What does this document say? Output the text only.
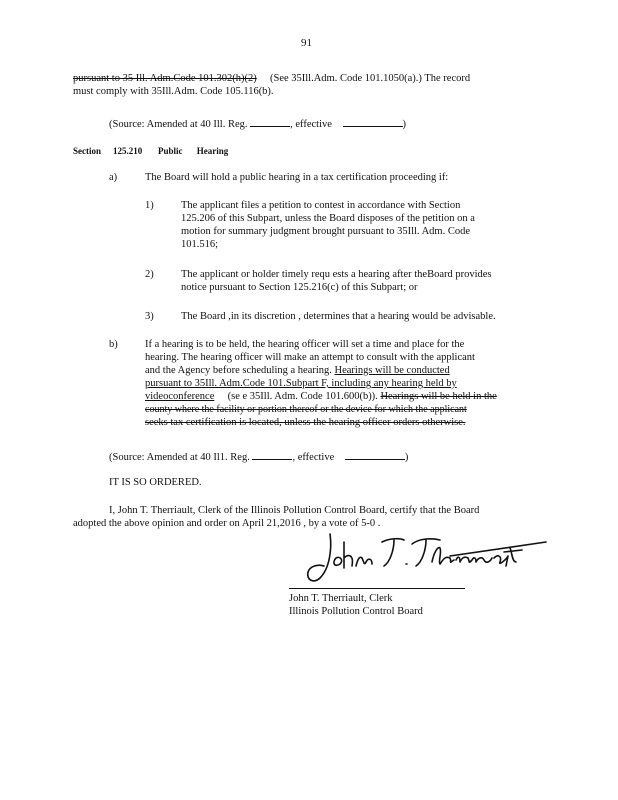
91
pursuant to 35 Ill. Adm.Code 101.302(h)(2) (See 35Ill.Adm. Code 101.1050(a).) The record
must comply with 35Ill.Adm. Code 105.116(b).
(Source: Amended at 40 Ill. Reg.	, effective	)
Section 125.210 Public Hearing
a)	The Board will hold a public hearing in a tax certification proceeding if:
1)	The applicant files a petition to contest in accordance with Section
125.206 of this Subpart, unless the Board disposes of the petition on a
motion for summary judgment brought pursuant to 35Ill. Adm. Code
101.516;
2)	The applicant or holder timely requ ests a hearing after theBoard provides
notice pursuant to Section 125.216(c) of this Subpart; or
3)	The Board ,in its discretion , determines that a hearing would be advisable.
b)	If a hearing is to be held, the hearing officer will set a time and place for the
hearing. The hearing officer will make an attempt to consult with the applicant
and the Agency before scheduling a hearing. Hearings will be conducted
pursuant to 35Ill. Adm.Code 101.Subpart F, including any hearing held by
videoconference (se e 35Ill. Adm. Code 101.600(b)). Hearings will be held in the
county where the facility or portion thereof or the device for which the applicant
seeks tax certification is located, unless the hearing officer orders otherwise.
(Source: Amended at 40 Il1. Reg.	, effective	)
IT IS SO ORDERED.
I, John T. Therriault, Clerk of the Illinois Pollution Control Board, certify that the Board
adopted the above opinion and order on April 21,2016 , by a vote of 5-0 .
John T. Therriault, Clerk
Illinois Pollution Control Board
